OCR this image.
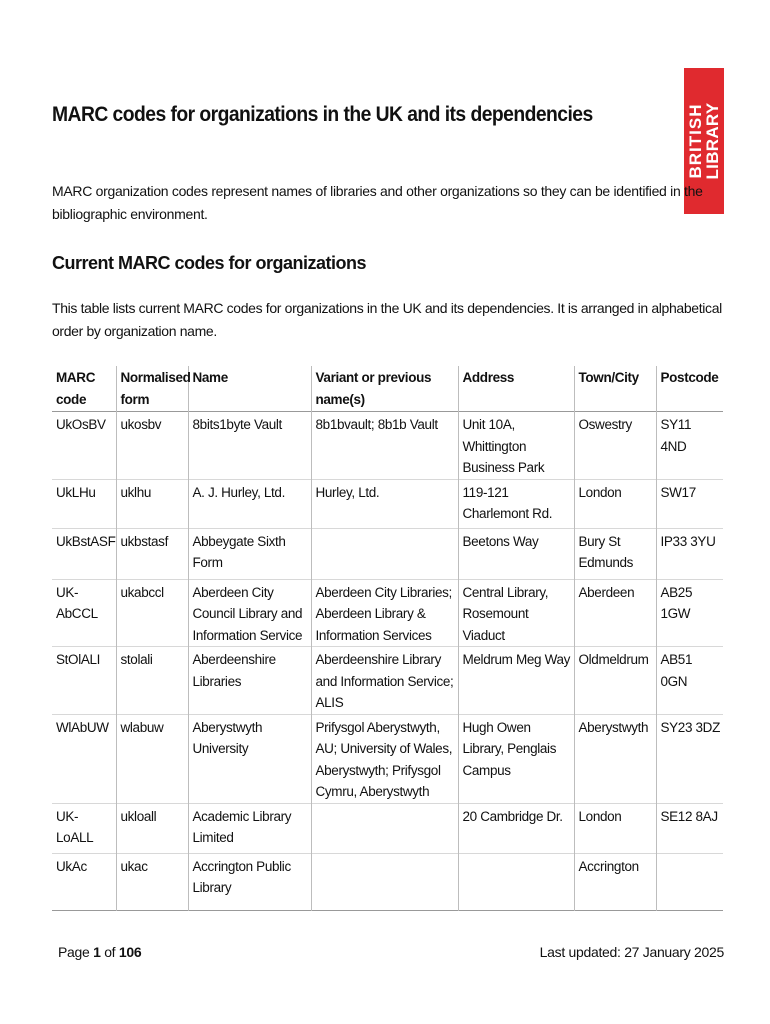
BRITISH
LIBRARY
MARC codes for organizations in the UK and its dependencies

MARC organization codes represent names of libraries and other organizations so they can be identified in the bibliographic environment.

Current MARC codes for organizations

This table lists current MARC codes for organizations in the UK and its dependencies. It is arranged in alphabetical order by organization name.

MARC code	Normalised form	Name	Variant or previous name(s)	Address	Town/City	Postcode
UkOsBV	ukosbv	8bits1byte Vault	8b1bvault; 8b1b Vault	Unit 10A, Whittington Business Park	Oswestry	SY11 4ND
UkLHu	uklhu	A. J. Hurley, Ltd.	Hurley, Ltd.	119-121 Charlemont Rd.	London	SW17
UkBstASF	ukbstasf	Abbeygate Sixth Form		Beetons Way	Bury St Edmunds	IP33 3YU
UK-AbCCL	ukabccl	Aberdeen City Council Library and Information Service	Aberdeen City Libraries; Aberdeen Library & Information Services	Central Library, Rosemount Viaduct	Aberdeen	AB25 1GW
StOlALI	stolali	Aberdeenshire Libraries	Aberdeenshire Library and Information Service; ALIS	Meldrum Meg Way	Oldmeldrum	AB51 0GN
WlAbUW	wlabuw	Aberystwyth University	Prifysgol Aberystwyth, AU; University of Wales, Aberystwyth; Prifysgol Cymru, Aberystwyth	Hugh Owen Library, Penglais Campus	Aberystwyth	SY23 3DZ
UK-LoALL	ukloall	Academic Library Limited		20 Cambridge Dr.	London	SE12 8AJ
UkAc	ukac	Accrington Public Library			Accrington	
Page 1 of 106	Last updated: 27 January 2025
